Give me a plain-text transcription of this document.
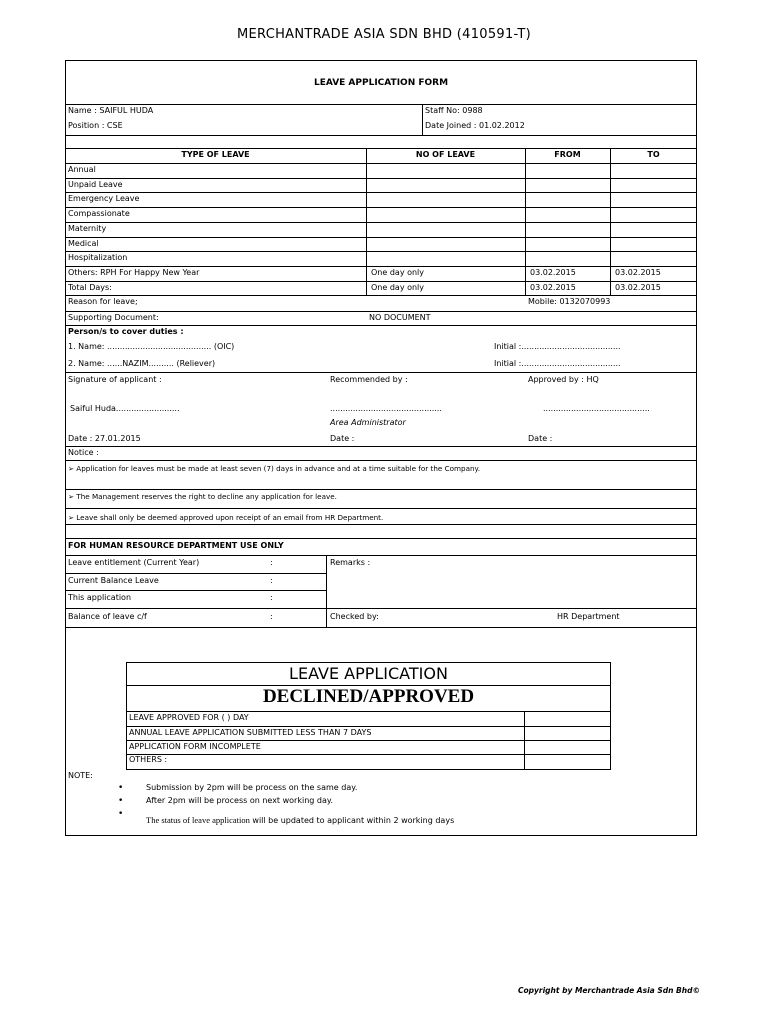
MERCHANTRADE ASIA SDN BHD (410591-T)
LEAVE APPLICATION FORM
Name : SAIFUL HUDA
Position : CSE
Staff No: 0988
Date Joined : 01.02.2012
TYPE OF LEAVE	NO OF LEAVE	FROM	TO
Annual
Unpaid Leave
Emergency Leave
Compassionate
Maternity
Medical
Hospitalization
Others: RPH For Happy New Year	One day only	03.02.2015	03.02.2015
Total Days:	One day only	03.02.2015	03.02.2015
Reason for leave;	Mobile: 0132070993
Supporting Document:	NO DOCUMENT
Person/s to cover duties :
1. Name: ......................................... (OIC)	Initial :.......................................
2. Name: ......NAZIM.......... (Reliever)	Initial :.......................................
Signature of applicant :	Recommended by :	Approved by : HQ
Saiful Huda.........................	............................................	..........................................
Area Administrator
Date : 27.01.2015	Date :	Date :
Notice :
➢ Application for leaves must be made at least seven (7) days in advance and at a time suitable for the Company.
➢ The Management reserves the right to decline any application for leave.
➢ Leave shall only be deemed approved upon receipt of an email from HR Department.
FOR HUMAN RESOURCE DEPARTMENT USE ONLY
Leave entitlement (Current Year)	:
Current Balance Leave	:
This application	:
Balance of leave c/f	:
Remarks :
Checked by:	HR Department
LEAVE APPLICATION
DECLINED/APPROVED
LEAVE APPROVED FOR ( ) DAY
ANNUAL LEAVE APPLICATION SUBMITTED LESS THAN 7 DAYS
APPLICATION FORM INCOMPLETE
OTHERS :
NOTE:
•	Submission by 2pm will be process on the same day.
•	After 2pm will be process on next working day.
•
The status of leave application will be updated to applicant within 2 working days
Copyright by Merchantrade Asia Sdn Bhd©
